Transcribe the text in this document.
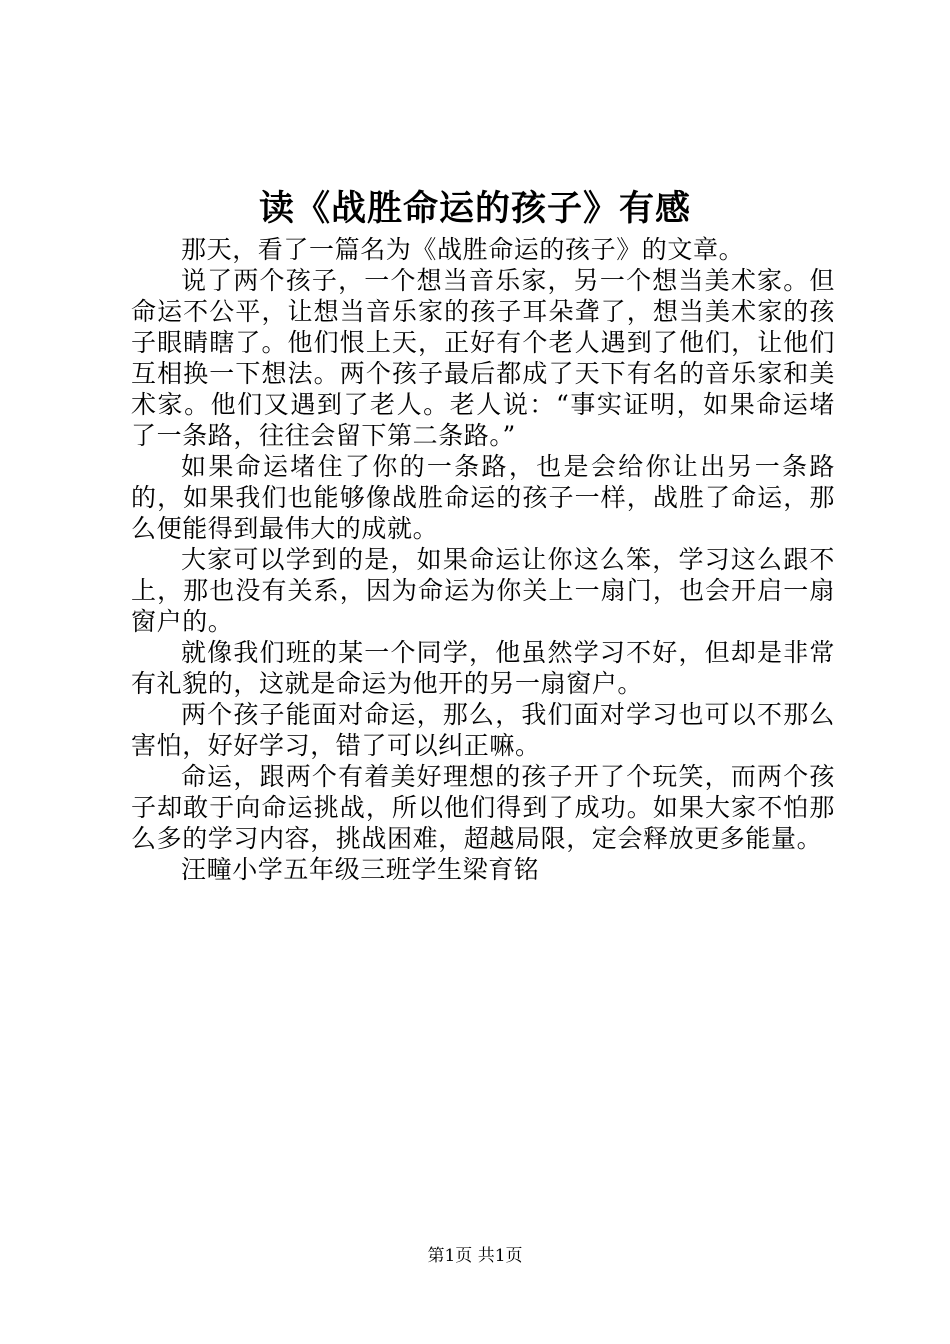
读《战胜命运的孩子》有感

那天，看了一篇名为《战胜命运的孩子》的文章。

说了两个孩子，一个想当音乐家，另一个想当美术家。但命运不公平，让想当音乐家的孩子耳朵聋了，想当美术家的孩子眼睛瞎了。他们恨上天，正好有个老人遇到了他们，让他们互相换一下想法。两个孩子最后都成了天下有名的音乐家和美术家。他们又遇到了老人。老人说：“事实证明，如果命运堵了一条路，往往会留下第二条路。”

如果命运堵住了你的一条路，也是会给你让出另一条路的，如果我们也能够像战胜命运的孩子一样，战胜了命运，那么便能得到最伟大的成就。

大家可以学到的是，如果命运让你这么笨，学习这么跟不上，那也没有关系，因为命运为你关上一扇门，也会开启一扇窗户的。

就像我们班的某一个同学，他虽然学习不好，但却是非常有礼貌的，这就是命运为他开的另一扇窗户。

两个孩子能面对命运，那么，我们面对学习也可以不那么害怕，好好学习，错了可以纠正嘛。

命运，跟两个有着美好理想的孩子开了个玩笑，而两个孩子却敢于向命运挑战，所以他们得到了成功。如果大家不怕那么多的学习内容，挑战困难，超越局限，定会释放更多能量。

汪疃小学五年级三班学生梁育铭

第1页 共1页
